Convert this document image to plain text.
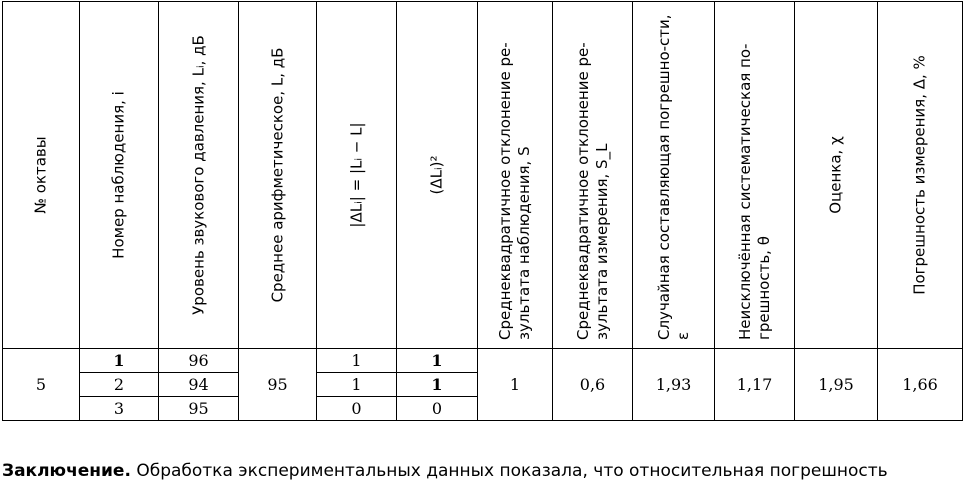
№ октавы	Номер наблюдения, i	Уровень звукового давления, Lᵢ, дБ	Среднее арифметическое, L, дБ	|ΔLᵢ| = |Lᵢ − L|	(ΔLᵢ)²	Среднеквадратичное отклонение ре-зультата наблюдения, S	Среднеквадратичное отклонение ре-зультата измерения, S_L	Случайная составляющая погрешно-сти, ε	Неисключённая систематическая по-грешность, θ	Оценка, χ	Погрешность измерения, Δ, %

5	1	96	95	1	1	1	0,6	1,93	1,17	1,95	1,66
	2	94		1	1						
	3	95		0	0						

Заключение. Обработка экспериментальных данных показала, что относительная погрешность
